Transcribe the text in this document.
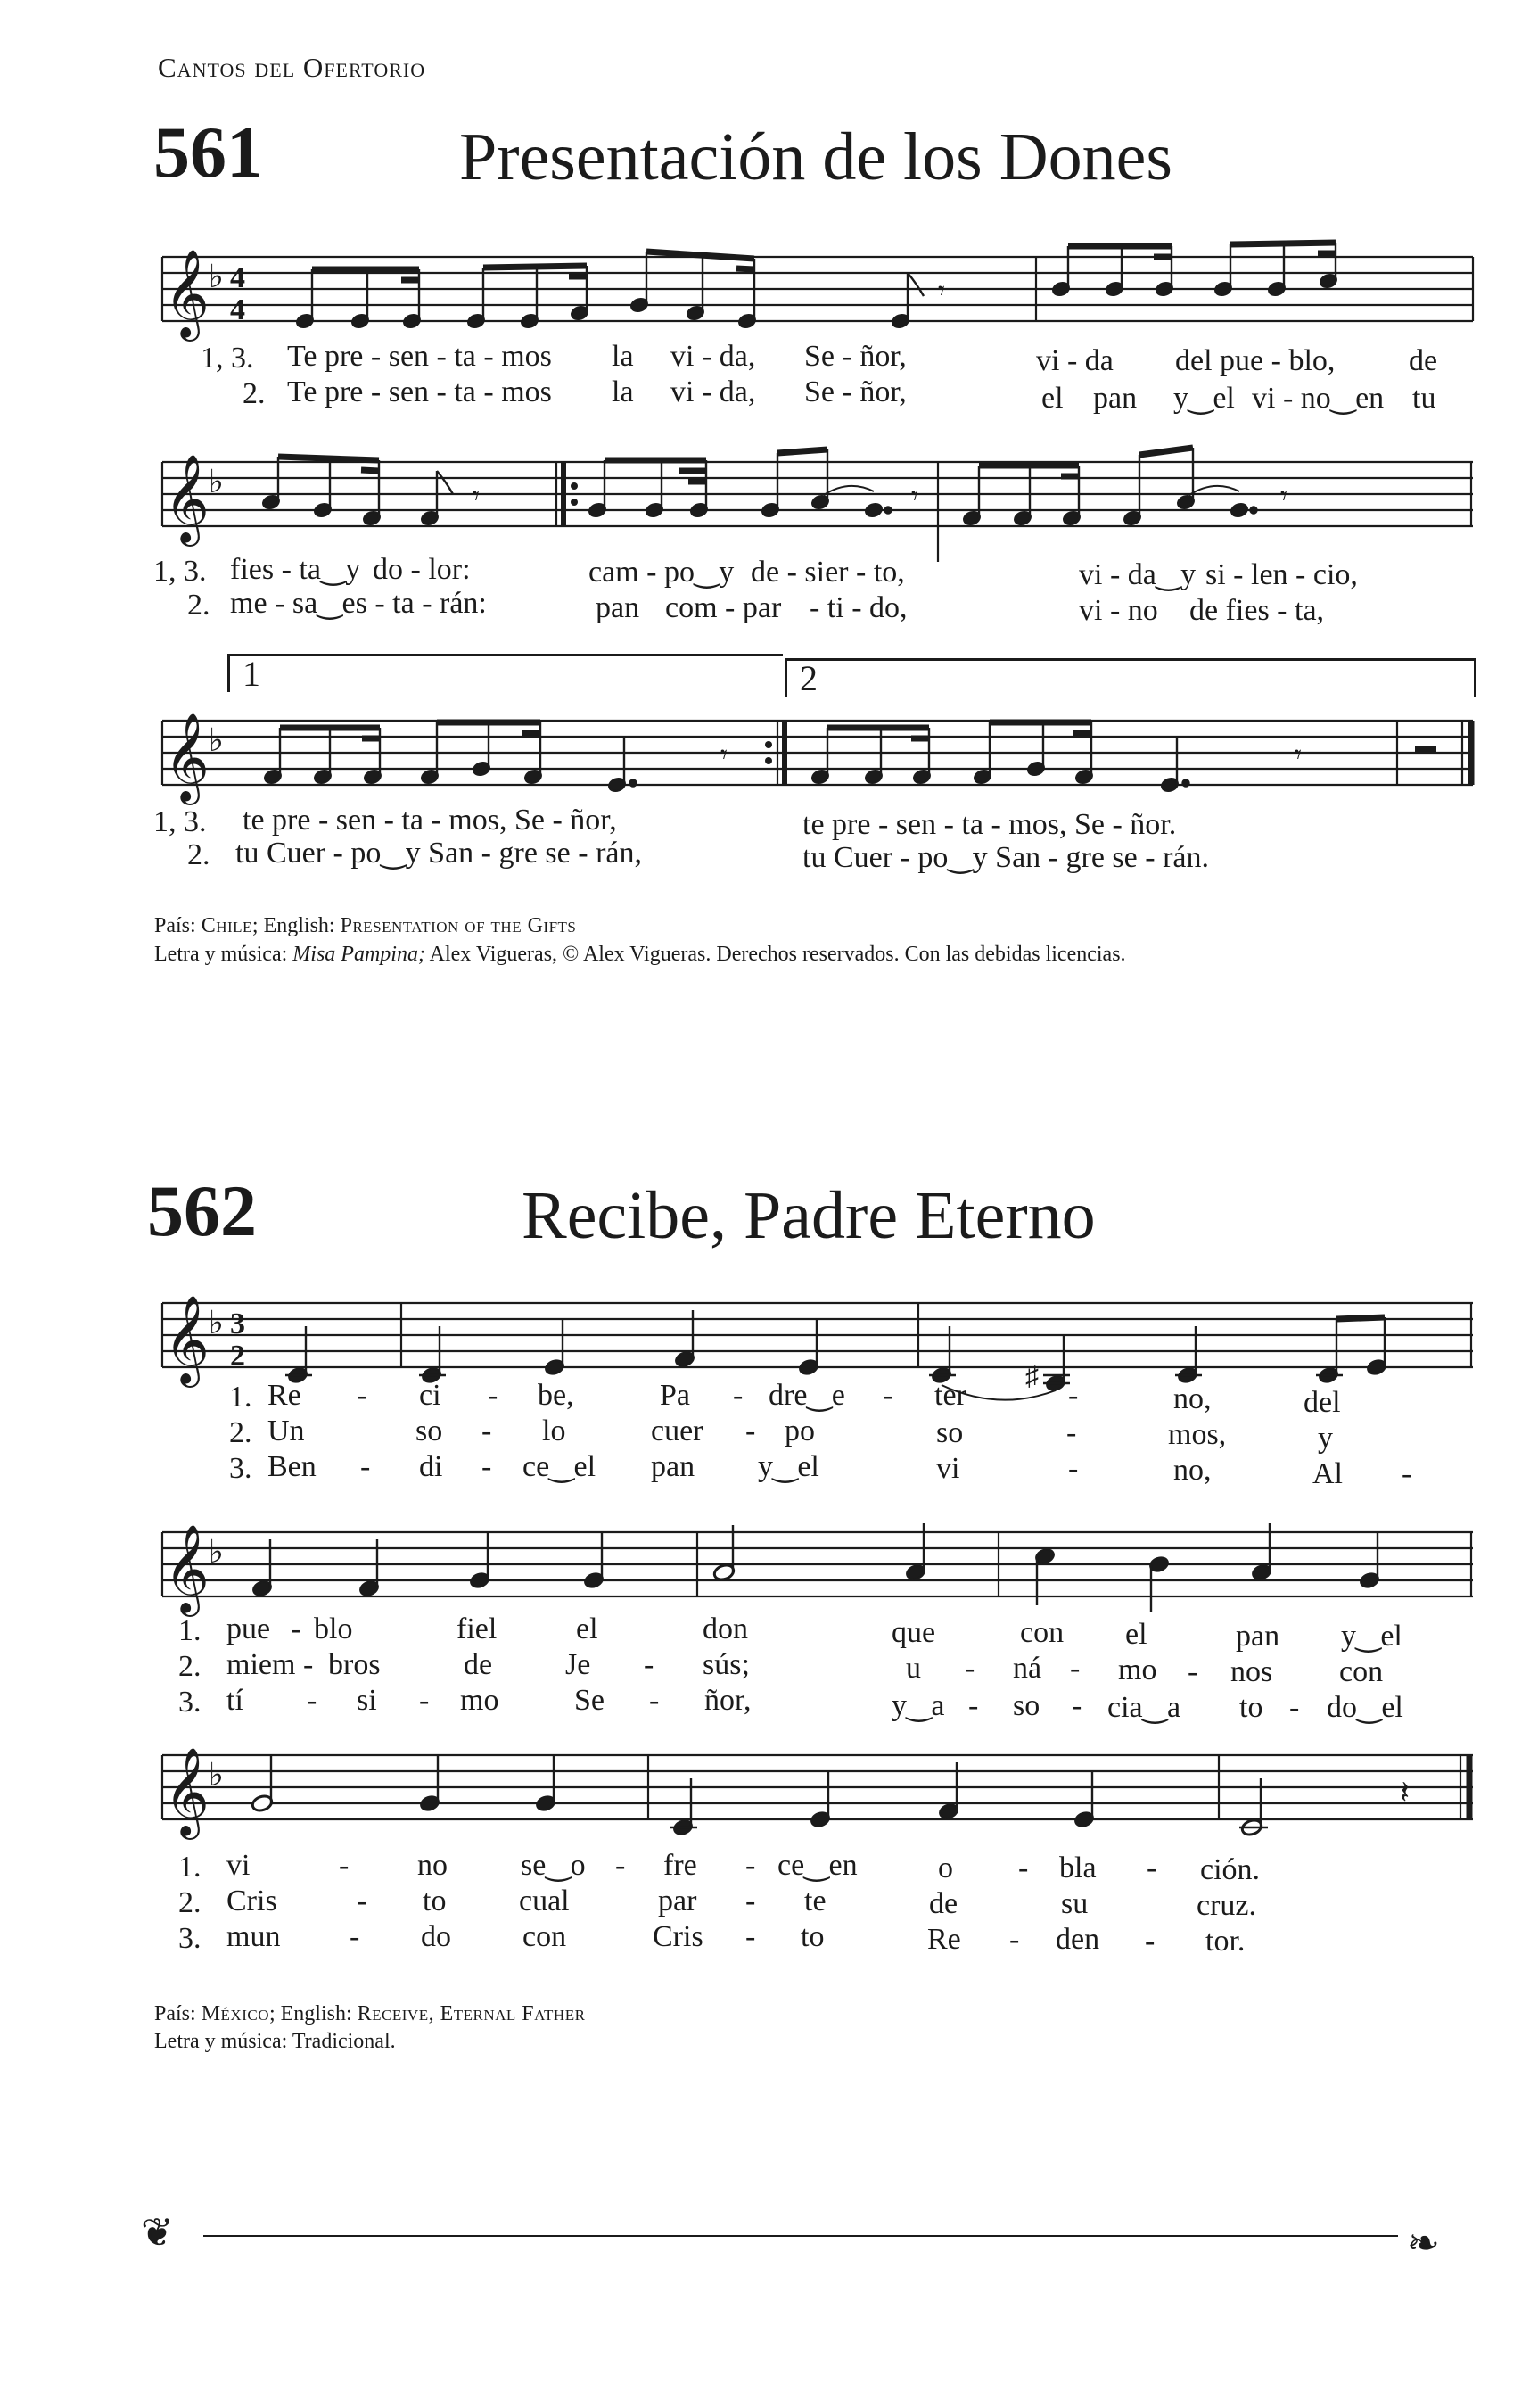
Cantos del Ofertorio
561	Presentación de los Dones
𝄞 ♭ 4
4
𝄾
1, 3.
2.
Te pre - sen - ta - mos la vi - da, Se - ñor,	vi - da del pue - blo, de
Te pre - sen - ta - mos la vi - da, Se - ñor,	el pan y‿el vi - no‿en tu
𝄞 ♭	𝄾	𝄾	𝄾
1, 3.
2.
fies - ta‿y do - lor:	cam - po‿y de - sier - to,	vi - da‿y si - len - cio,
me - sa‿es - ta - rán:	pan com - par - ti - do,	vi - no de fies - ta,
1	2
𝄞 ♭	𝄾	𝄾
1, 3.
2.
te pre - sen - ta - mos, Se - ñor,	te pre - sen - ta - mos, Se - ñor.
tu Cuer - po‿y San - gre se - rán,	tu Cuer - po‿y San - gre se - rán.
País: Chile; English: Presentation of the Gifts
Letra y música: Misa Pampina; Alex Vigueras, © Alex Vigueras. Derechos reservados. Con las debidas licencias.
562	Recibe, Padre Eterno
𝄞 ♭ 3
2
♯
1.
2.
3.
Re - ci - be,	Pa - dre‿e - ter	-	no,	del
Un	so - lo	cuer - po	so	-	mos,	y
Ben - di - ce‿el pan y‿el	vi	-	no,	Al -
𝄞 ♭
1.
2.
3.
pue - blo	fiel	el	don	que	con el	pan y‿el
miem - bros	de Je - sús;	u - ná - mo - nos con
tí - si - mo Se - ñor,	y‿a - so - cia‿a to - do‿el
𝄞 ♭	𝄽
1.
2.
3.
vi	- no se‿o - fre - ce‿en	o - bla - ción.
Cris	- to cual	par - te	de	su	cruz.
mun - do con	Cris - to	Re - den - tor.
País: México; English: Receive, Eternal Father
Letra y música: Tradicional.
❦	❧
